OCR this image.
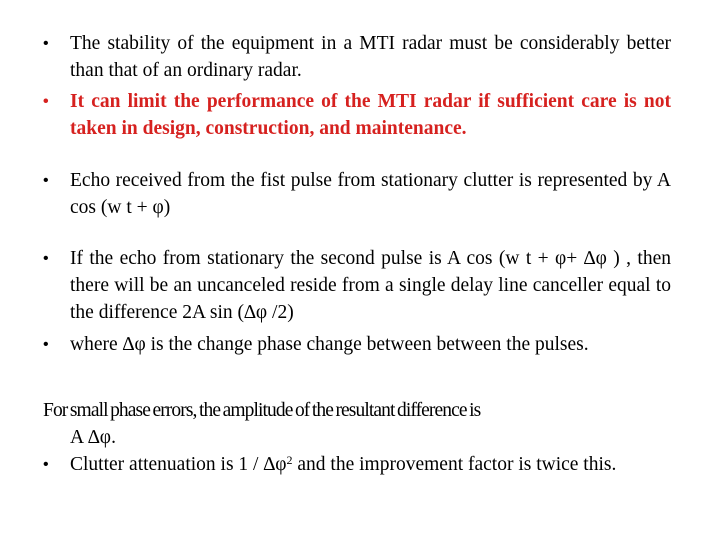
•	The stability of the equipment in a MTI radar must be considerably better than that of an ordinary radar.
•	It can limit the performance of the MTI radar if sufficient care is not taken in design, construction, and maintenance.
•	Echo received from the fist pulse from stationary clutter is represented by A cos (w t + φ)
•	If the echo from stationary the second pulse is A cos (w t + φ+ ∆φ ) , then there will be an uncanceled reside from a single delay line canceller equal to the difference 2A sin (∆φ /2)
•	where ∆φ is the change phase change between between the pulses.
For small phase errors, the amplitude of the resultant difference is
A ∆φ.
•	Clutter attenuation is $1 / \Delta\varphi^2$ and the improvement factor is twice this.
